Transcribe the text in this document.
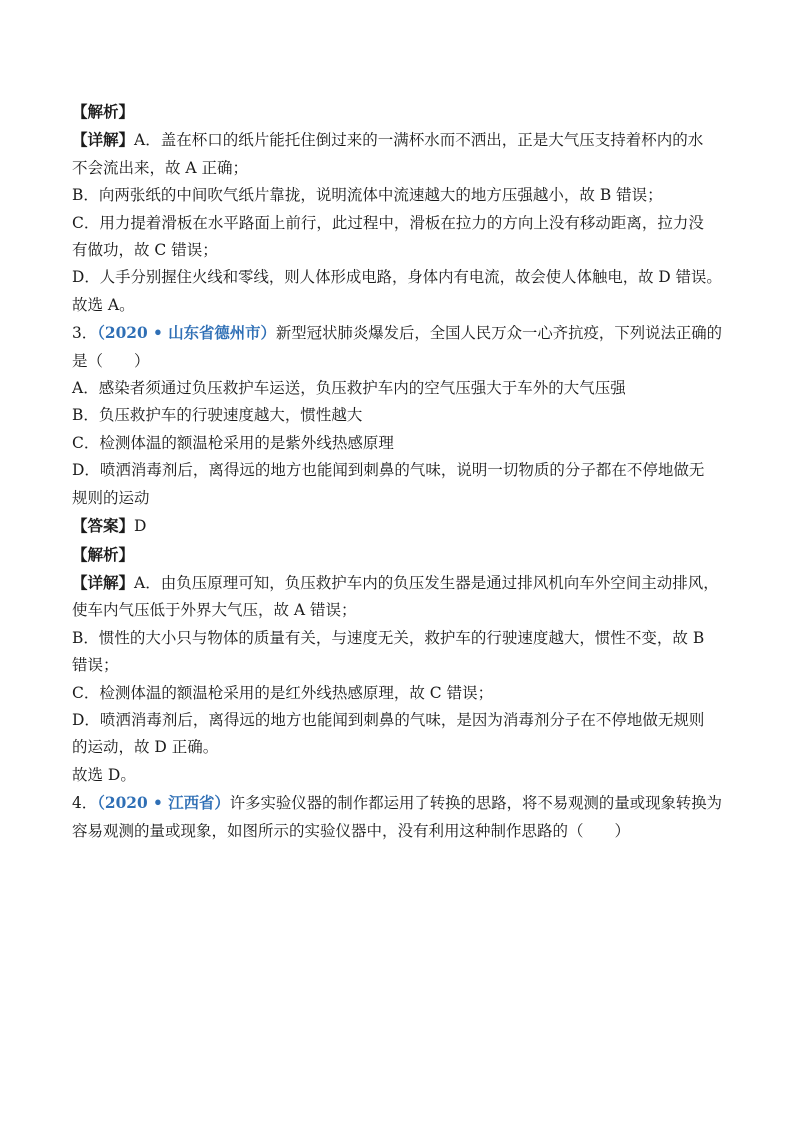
【解析】
【详解】A．盖在杯口的纸片能托住倒过来的一满杯水而不洒出，正是大气压支持着杯内的水
不会流出来，故 A 正确；
B．向两张纸的中间吹气纸片靠拢，说明流体中流速越大的地方压强越小，故 B 错误；
C．用力提着滑板在水平路面上前行，此过程中，滑板在拉力的方向上没有移动距离，拉力没
有做功，故 C 错误；
D．人手分别握住火线和零线，则人体形成电路，身体内有电流，故会使人体触电，故 D 错误。
故选 A。
3．（2020 • 山东省德州市）新型冠状肺炎爆发后，全国人民万众一心齐抗疫，下列说法正确的
是（　　）
A．感染者须通过负压救护车运送，负压救护车内的空气压强大于车外的大气压强
B．负压救护车的行驶速度越大，惯性越大
C．检测体温的额温枪采用的是紫外线热感原理
D．喷洒消毒剂后，离得远的地方也能闻到刺鼻的气味，说明一切物质的分子都在不停地做无
规则的运动
【答案】D
【解析】
【详解】A．由负压原理可知，负压救护车内的负压发生器是通过排风机向车外空间主动排风，
使车内气压低于外界大气压，故 A 错误；
B．惯性的大小只与物体的质量有关，与速度无关，救护车的行驶速度越大，惯性不变，故 B
错误；
C．检测体温的额温枪采用的是红外线热感原理，故 C 错误；
D．喷洒消毒剂后，离得远的地方也能闻到刺鼻的气味，是因为消毒剂分子在不停地做无规则
的运动，故 D 正确。
故选 D。
4．（2020 • 江西省）许多实验仪器的制作都运用了转换的思路，将不易观测的量或现象转换为
容易观测的量或现象，如图所示的实验仪器中，没有利用这种制作思路的（　　）
